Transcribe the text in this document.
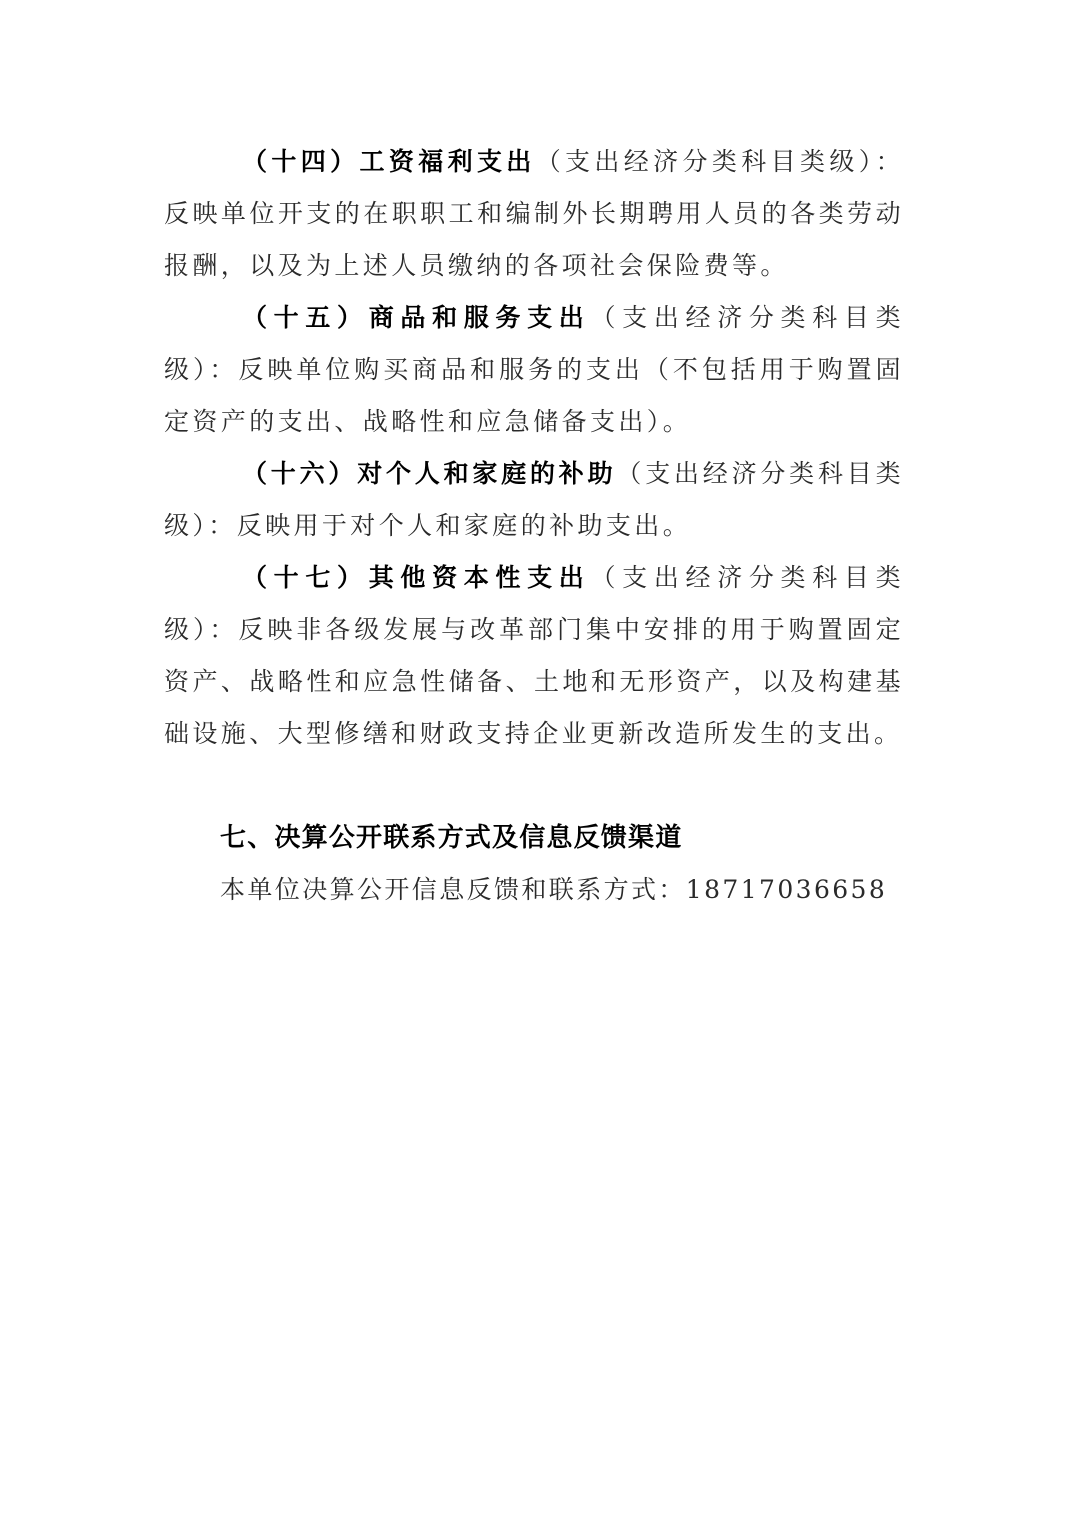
（十四）工资福利支出（支出经济分类科目类级）：反映单位开支的在职职工和编制外长期聘用人员的各类劳动报酬，以及为上述人员缴纳的各项社会保险费等。

（十五）商品和服务支出（支出经济分类科目类级）：反映单位购买商品和服务的支出（不包括用于购置固定资产的支出、战略性和应急储备支出）。

（十六）对个人和家庭的补助（支出经济分类科目类级）：反映用于对个人和家庭的补助支出。

（十七）其他资本性支出（支出经济分类科目类级）：反映非各级发展与改革部门集中安排的用于购置固定资产、战略性和应急性储备、土地和无形资产，以及构建基础设施、大型修缮和财政支持企业更新改造所发生的支出。

七、决算公开联系方式及信息反馈渠道

本单位决算公开信息反馈和联系方式：18717036658
